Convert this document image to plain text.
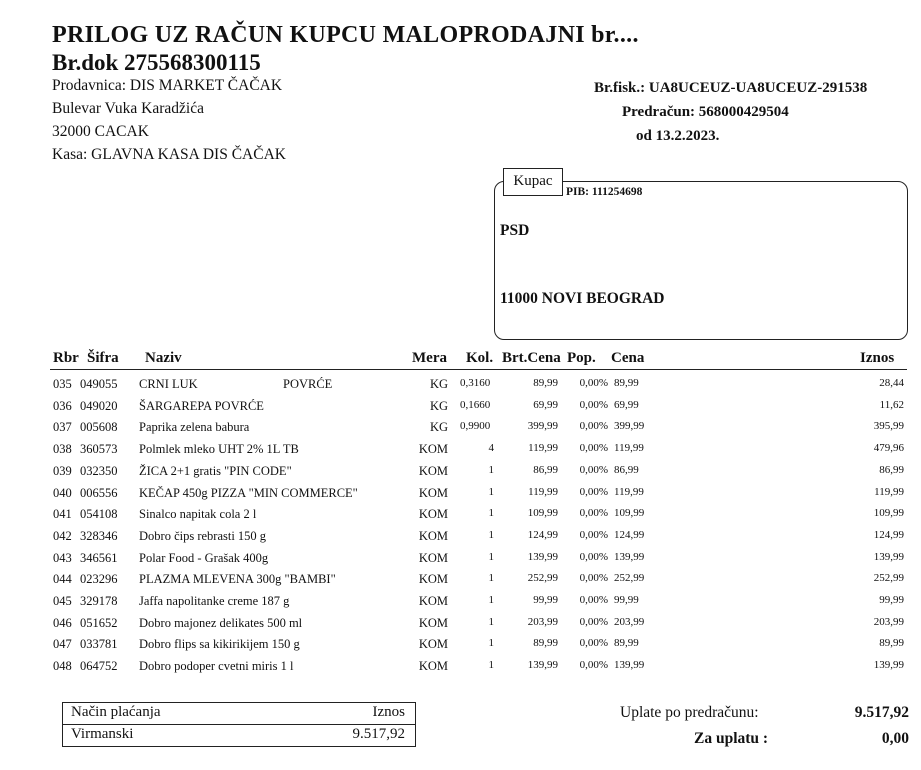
PRILOG UZ RAČUN KUPCU MALOPRODAJNI br....
Br.dok 275568300115
Prodavnica: DIS MARKET ČAČAK
Bulevar Vuka Karadžića
32000 CACAK
Kasa: GLAVNA KASA DIS ČAČAK
Br.fisk.: UA8UCEUZ-UA8UCEUZ-291538
Predračun: 568000429504
od 13.2.2023.
Kupac
PIB: 111254698
PSD
11000 NOVI BEOGRAD
Rbr Šifra Naziv	Mera Kol. Brt.Cena Pop. Cena	Iznos
035 049055 CRNI LUK	POVRĆE	KG 0,3160	89,99	0,00% 89,99	28,44
036 049020 ŠARGAREPA POVRĆE	KG 0,1660	69,99	0,00% 69,99	11,62
037 005608 Paprika zelena babura	KG 0,9900	399,99	0,00% 399,99	395,99
038 360573 Polmlek mleko UHT 2% 1L TB	KOM	4	119,99	0,00% 119,99	479,96
039 032350 ŽICA 2+1 gratis "PIN CODE"	KOM	1	86,99	0,00% 86,99	86,99
040 006556 KEČAP 450g PIZZA "MIN COMMERCE"	KOM	1	119,99	0,00% 119,99	119,99
041 054108 Sinalco napitak cola 2 l	KOM	1	109,99	0,00% 109,99	109,99
042 328346 Dobro čips rebrasti 150 g	KOM	1	124,99	0,00% 124,99	124,99
043 346561 Polar Food - Grašak 400g	KOM	1	139,99	0,00% 139,99	139,99
044 023296 PLAZMA MLEVENA 300g "BAMBI"	KOM	1	252,99	0,00% 252,99	252,99
045 329178 Jaffa napolitanke creme 187 g	KOM	1	99,99	0,00% 99,99	99,99
046 051652 Dobro majonez delikates 500 ml	KOM	1	203,99	0,00% 203,99	203,99
047 033781 Dobro flips sa kikirikijem 150 g	KOM	1	89,99	0,00% 89,99	89,99
048 064752 Dobro podoper cvetni miris 1 l	KOM	1	139,99	0,00% 139,99	139,99
Način plaćanja	Iznos
Virmanski	9.517,92
Uplate po predračunu:	9.517,92
Za uplatu :	0,00
